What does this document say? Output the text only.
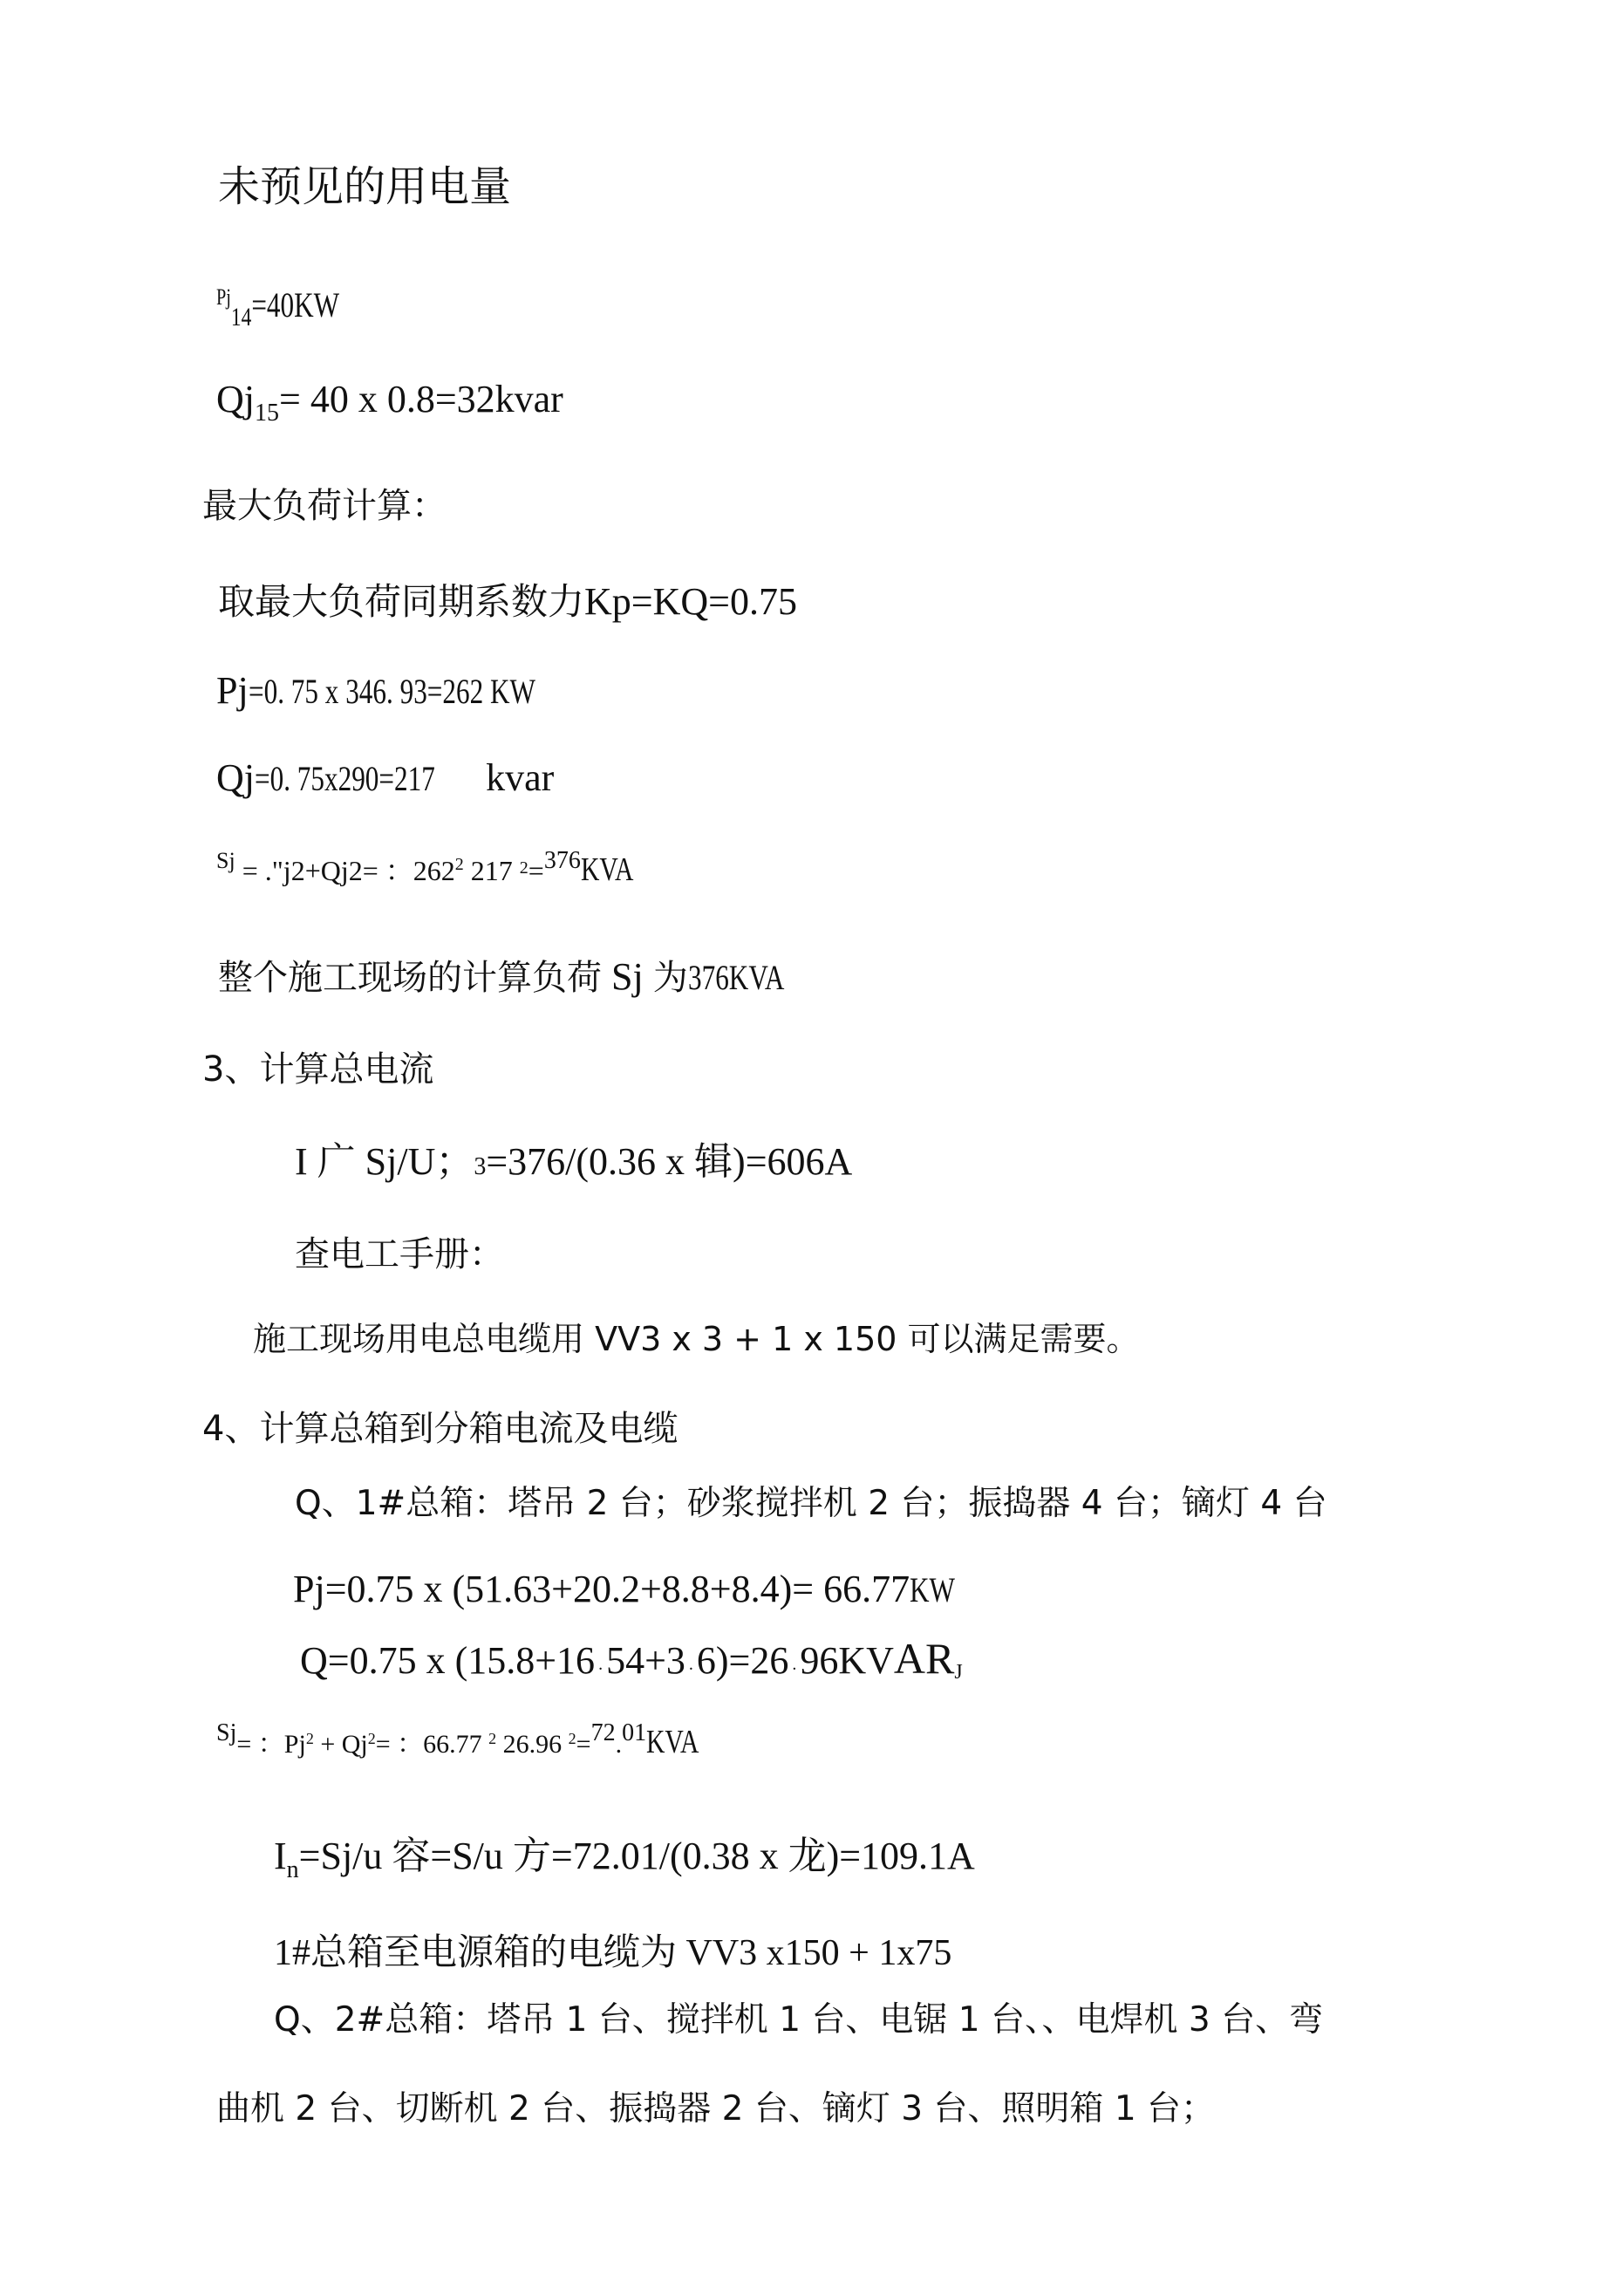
未预见的用电量
$^{Pj}_{14}$=40KW
$Qj_{15}= 40$ x 0.8=32kvar
最大负荷计算：
取最大负荷同期系数力Kp=KQ=0.75
Pj=0. 75 x 346. 93=262 KW
Qj=0. 75x290=217kvar
$^{Sj}$ = ."j2+Qj2= ：$262^2$ 217 $^2$=376KVA
整个施工现场的计算负荷 Sj 为376KVA
3、计算总电流
I 广 Sj/U；3=376/(0.36 x 辑)=606A
查电工手册：
施工现场用电总电缆用 VV3 x 3 + 1 x 150 可以满足需要。
4、计算总箱到分箱电流及电缆
Q、1#总箱：塔吊 2 台；砂浆搅拌机 2 台；振捣器 4 台；镝灯 4 台
Pj=0.75 x (51.63+20.2+8.8+8.4)= 66.77KW
Q=0.75 x (15.8+16 .54+3 .6)=26 .96KVARJ
Sj= ：$Pj^2 + Qj^2=$ ：66.77 $^2$ 26.96 $^2$=72.01KVA
$I_n=Sj/u$ 容=S/u 方=72.01/(0.38 x 龙)=109.1A
1#总箱至电源箱的电缆为 VV3 x150 + 1x75
Q、2#总箱：塔吊 1 台、搅拌机 1 台、电锯 1 台、、电焊机 3 台、弯
曲机 2 台、切断机 2 台、振捣器 2 台、镝灯 3 台、照明箱 1 台；
